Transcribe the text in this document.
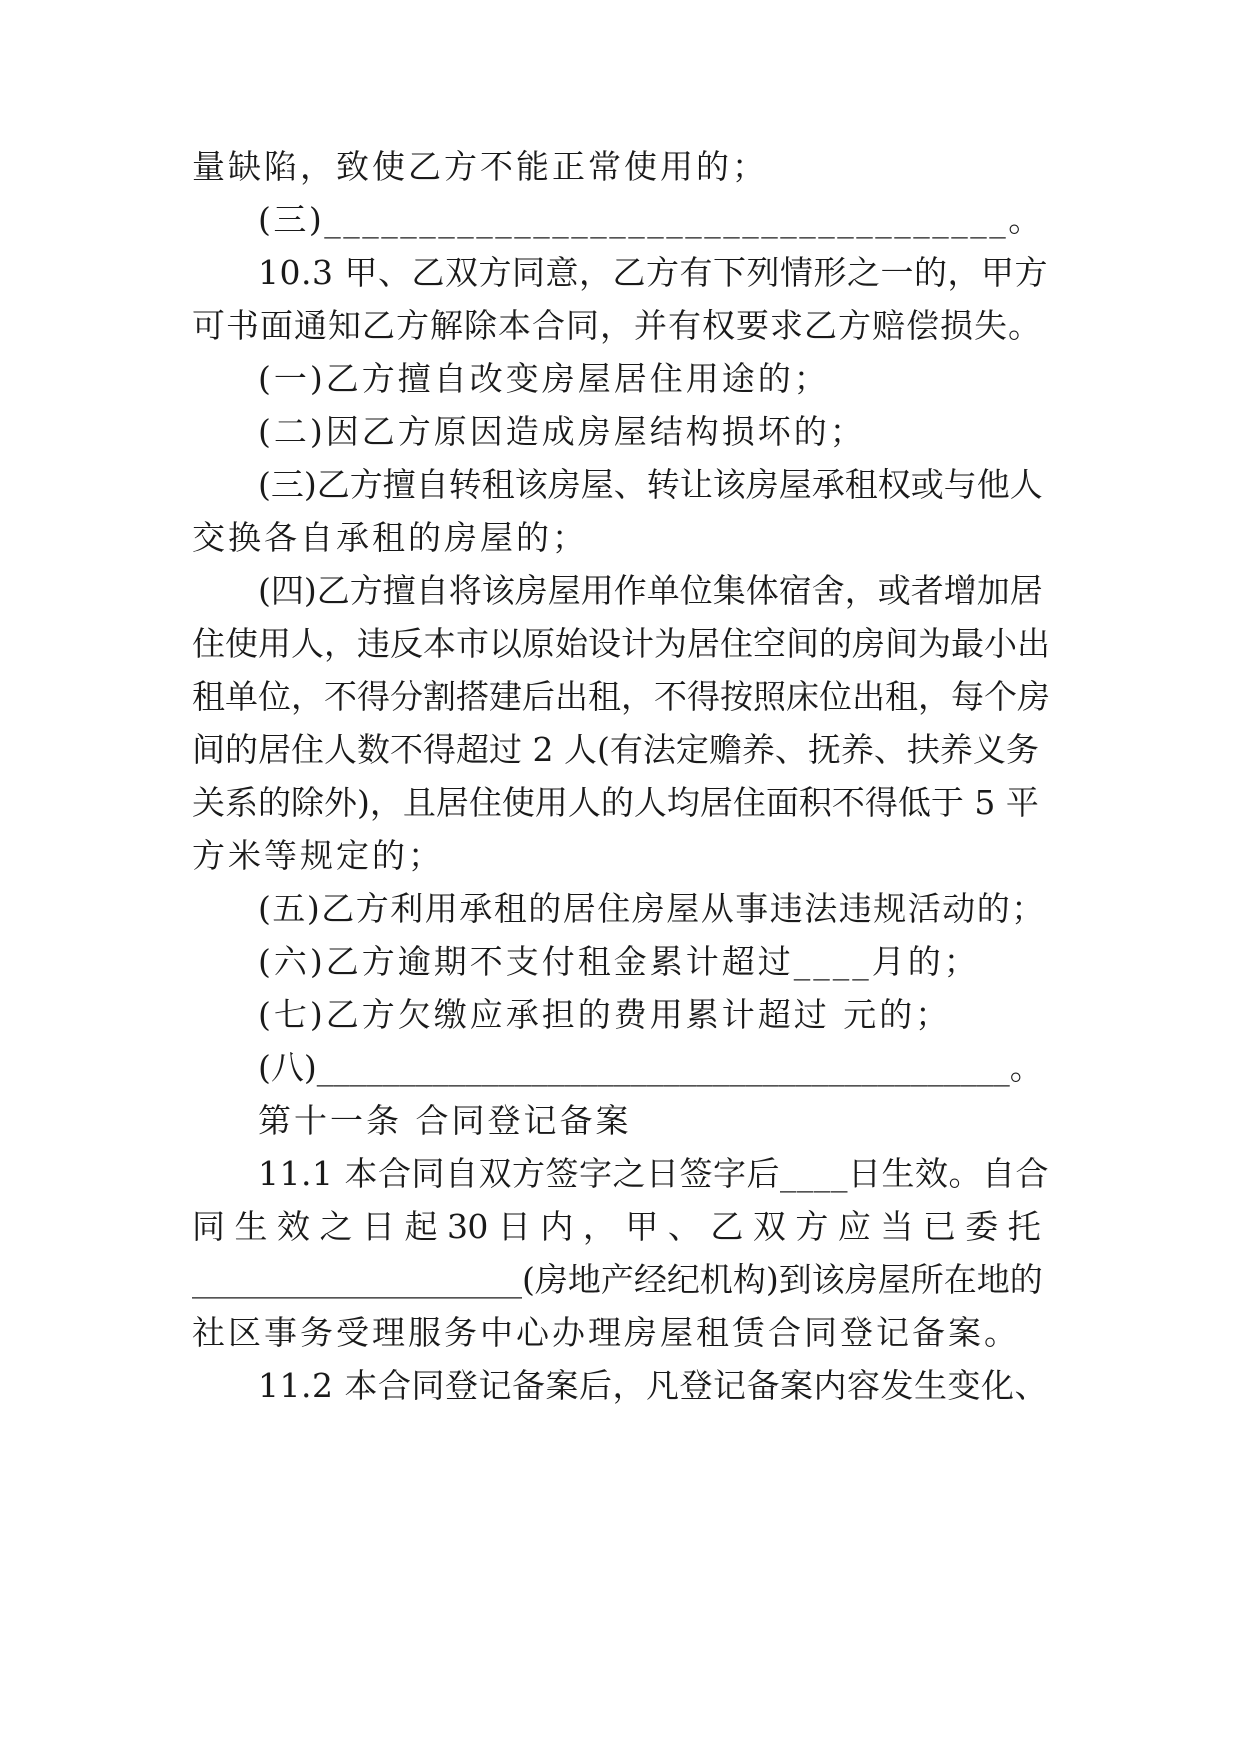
量缺陷，致使乙方不能正常使用的；
(三)____________________________________。
10.3 甲、乙双方同意，乙方有下列情形之一的，甲方
可书面通知乙方解除本合同，并有权要求乙方赔偿损失。
(一)乙方擅自改变房屋居住用途的；
(二)因乙方原因造成房屋结构损坏的；
(三)乙方擅自转租该房屋、转让该房屋承租权或与他人
交换各自承租的房屋的；
(四)乙方擅自将该房屋用作单位集体宿舍，或者增加居
住使用人，违反本市以原始设计为居住空间的房间为最小出
租单位，不得分割搭建后出租，不得按照床位出租，每个房
间的居住人数不得超过 2 人(有法定赡养、抚养、扶养义务
关系的除外)，且居住使用人的人均居住面积不得低于 5 平
方米等规定的；
(五)乙方利用承租的居住房屋从事违法违规活动的；
(六)乙方逾期不支付租金累计超过____月的；
(七)乙方欠缴应承担的费用累计超过 元的；
(八)__________________________________________。
第十一条 合同登记备案
11.1 本合同自双方签字之日签字后____日生效。自合
同 生 效 之 日 起 30 日 内 ， 甲 、 乙 双 方 应 当 已 委 托
____________________(房地产经纪机构)到该房屋所在地的
社区事务受理服务中心办理房屋租赁合同登记备案。
11.2 本合同登记备案后，凡登记备案内容发生变化、
